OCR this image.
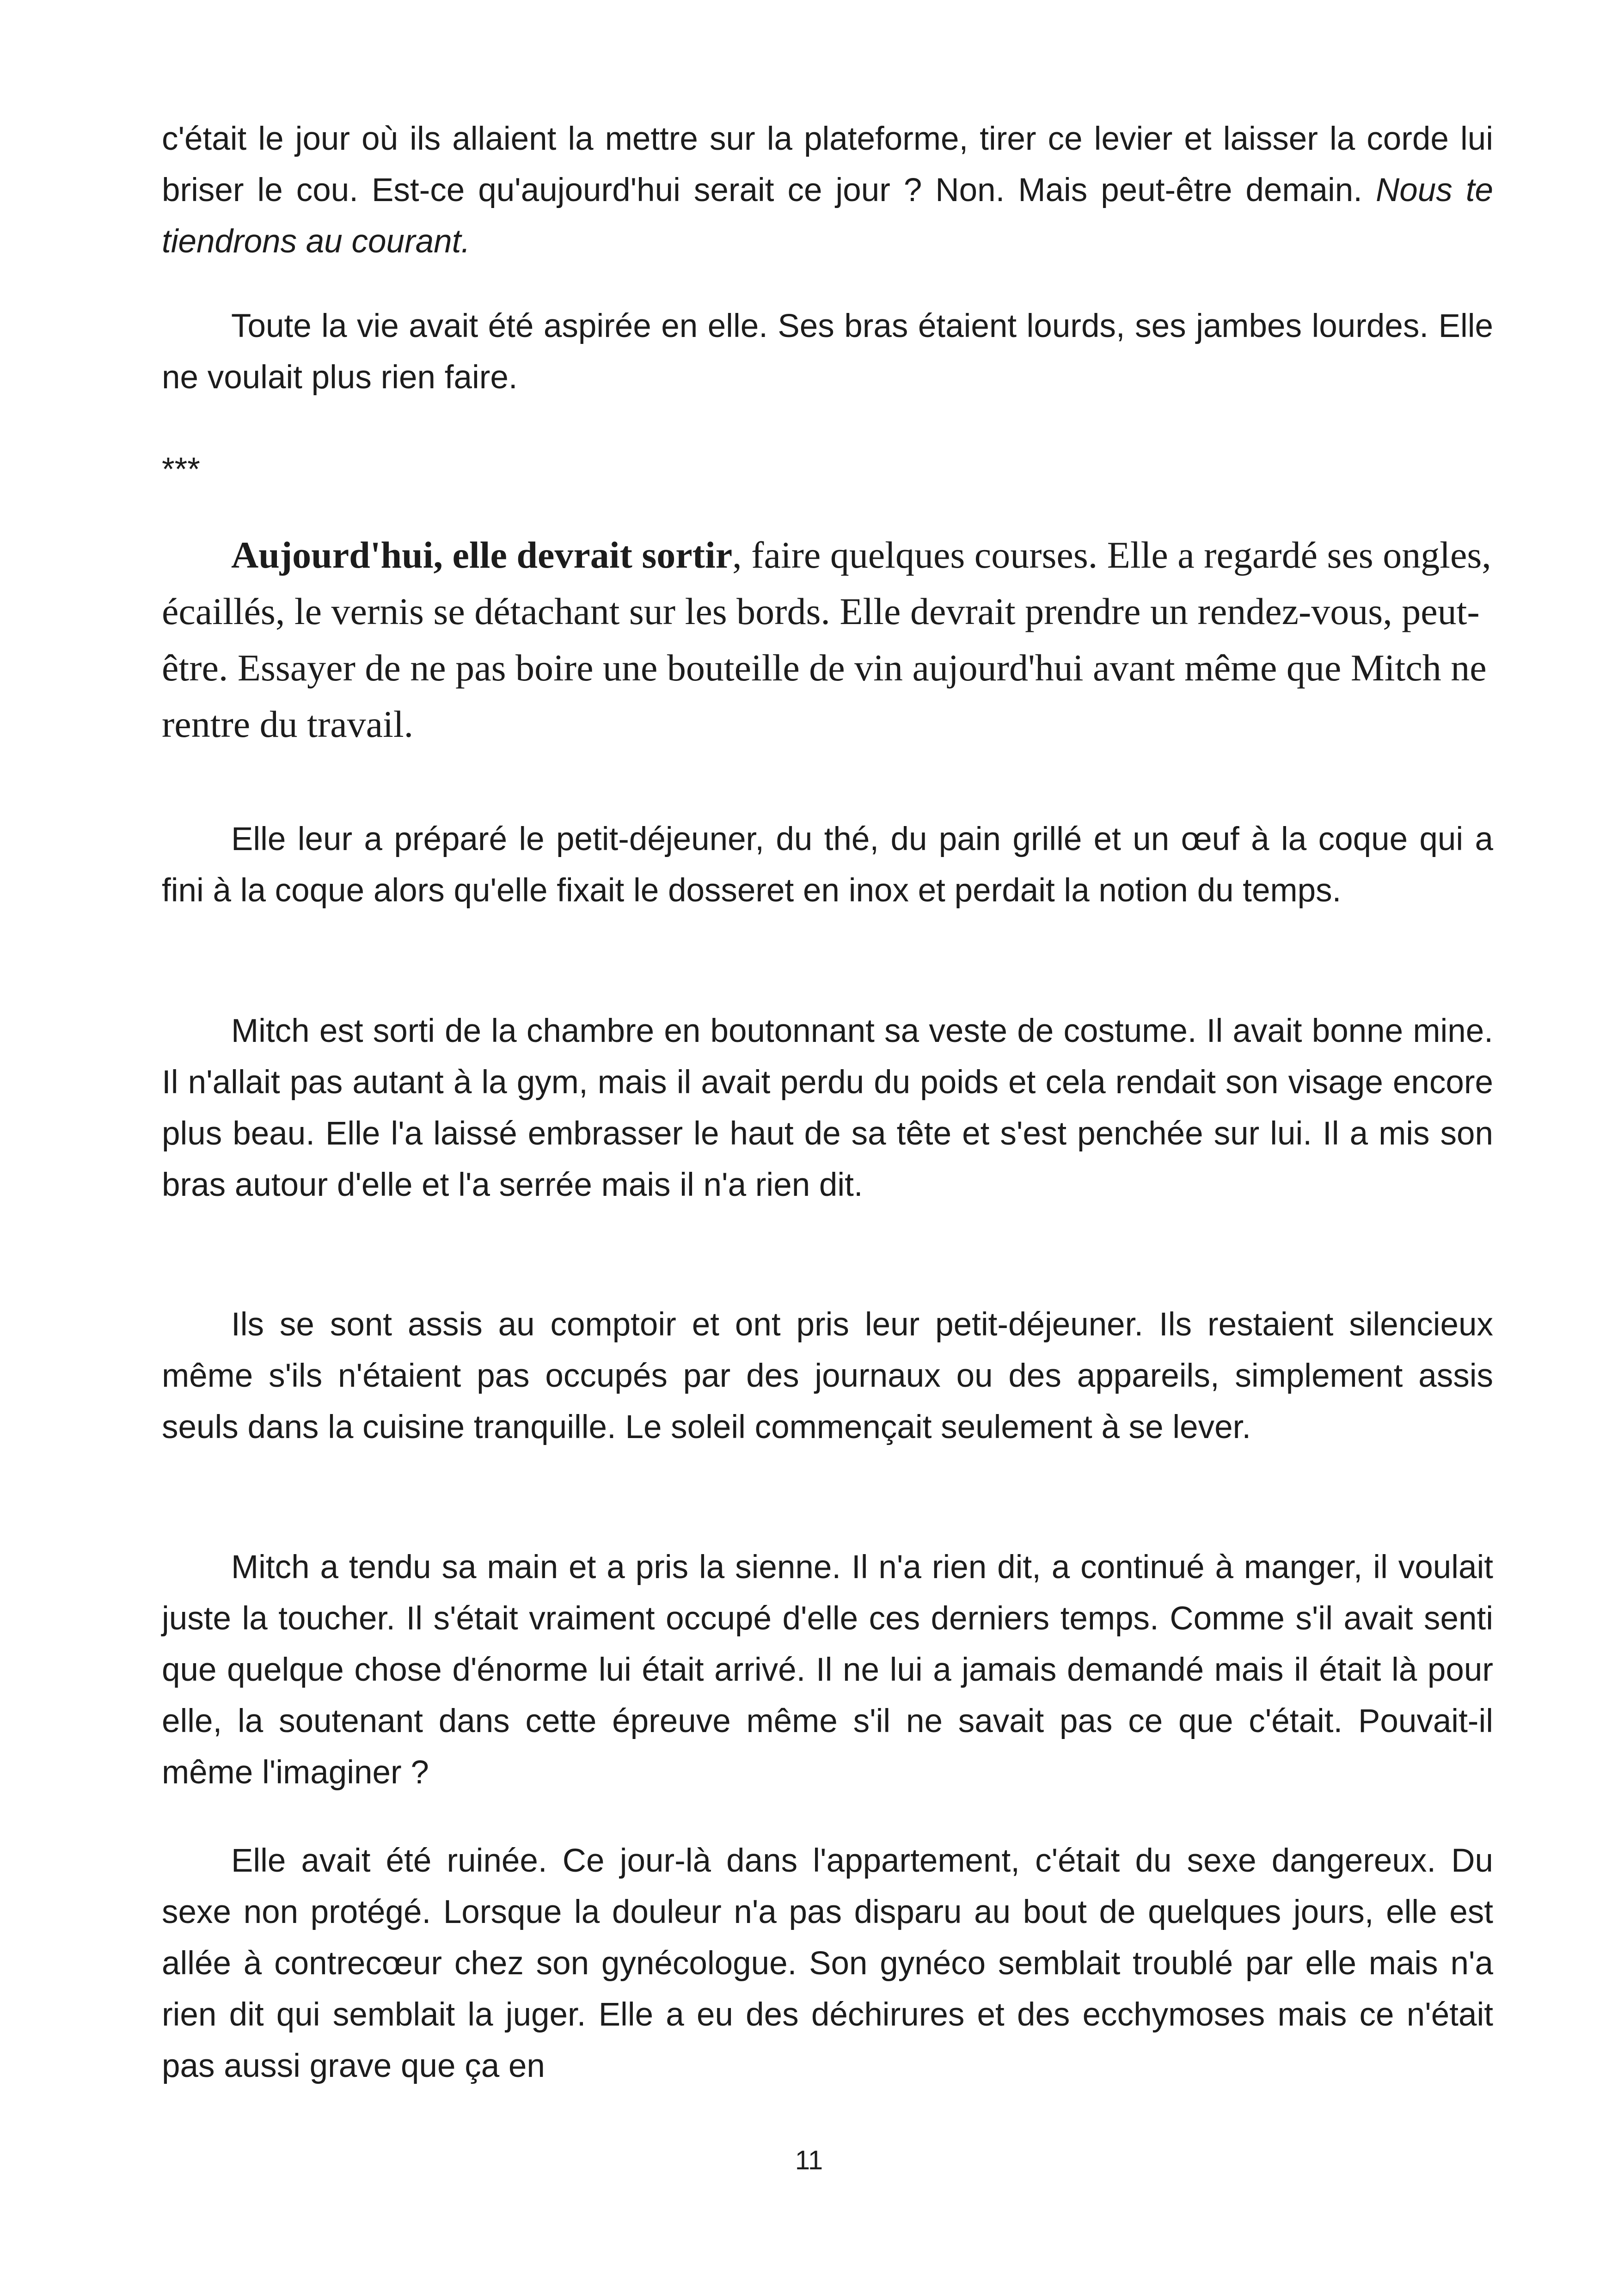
c'était le jour où ils allaient la mettre sur la plateforme, tirer ce levier et laisser la corde lui briser le cou. Est-ce qu'aujourd'hui serait ce jour ? Non. Mais peut-être demain. Nous te tiendrons au courant.

Toute la vie avait été aspirée en elle. Ses bras étaient lourds, ses jambes lourdes. Elle ne voulait plus rien faire.

***

Aujourd'hui, elle devrait sortir, faire quelques courses. Elle a regardé ses ongles, écaillés, le vernis se détachant sur les bords. Elle devrait prendre un rendez-vous, peut-être. Essayer de ne pas boire une bouteille de vin aujourd'hui avant même que Mitch ne rentre du travail.

Elle leur a préparé le petit-déjeuner, du thé, du pain grillé et un œuf à la coque qui a fini à la coque alors qu'elle fixait le dosseret en inox et perdait la notion du temps.

Mitch est sorti de la chambre en boutonnant sa veste de costume. Il avait bonne mine. Il n'allait pas autant à la gym, mais il avait perdu du poids et cela rendait son visage encore plus beau. Elle l'a laissé embrasser le haut de sa tête et s'est penchée sur lui. Il a mis son bras autour d'elle et l'a serrée mais il n'a rien dit.

Ils se sont assis au comptoir et ont pris leur petit-déjeuner. Ils restaient silencieux même s'ils n'étaient pas occupés par des journaux ou des appareils, simplement assis seuls dans la cuisine tranquille. Le soleil commençait seulement à se lever.

Mitch a tendu sa main et a pris la sienne. Il n'a rien dit, a continué à manger, il voulait juste la toucher. Il s'était vraiment occupé d'elle ces derniers temps. Comme s'il avait senti que quelque chose d'énorme lui était arrivé. Il ne lui a jamais demandé mais il était là pour elle, la soutenant dans cette épreuve même s'il ne savait pas ce que c'était. Pouvait-il même l'imaginer ?

Elle avait été ruinée. Ce jour-là dans l'appartement, c'était du sexe dangereux. Du sexe non protégé. Lorsque la douleur n'a pas disparu au bout de quelques jours, elle est allée à contrecœur chez son gynécologue. Son gynéco semblait troublé par elle mais n'a rien dit qui semblait la juger. Elle a eu des déchirures et des ecchymoses mais ce n'était pas aussi grave que ça en

11
